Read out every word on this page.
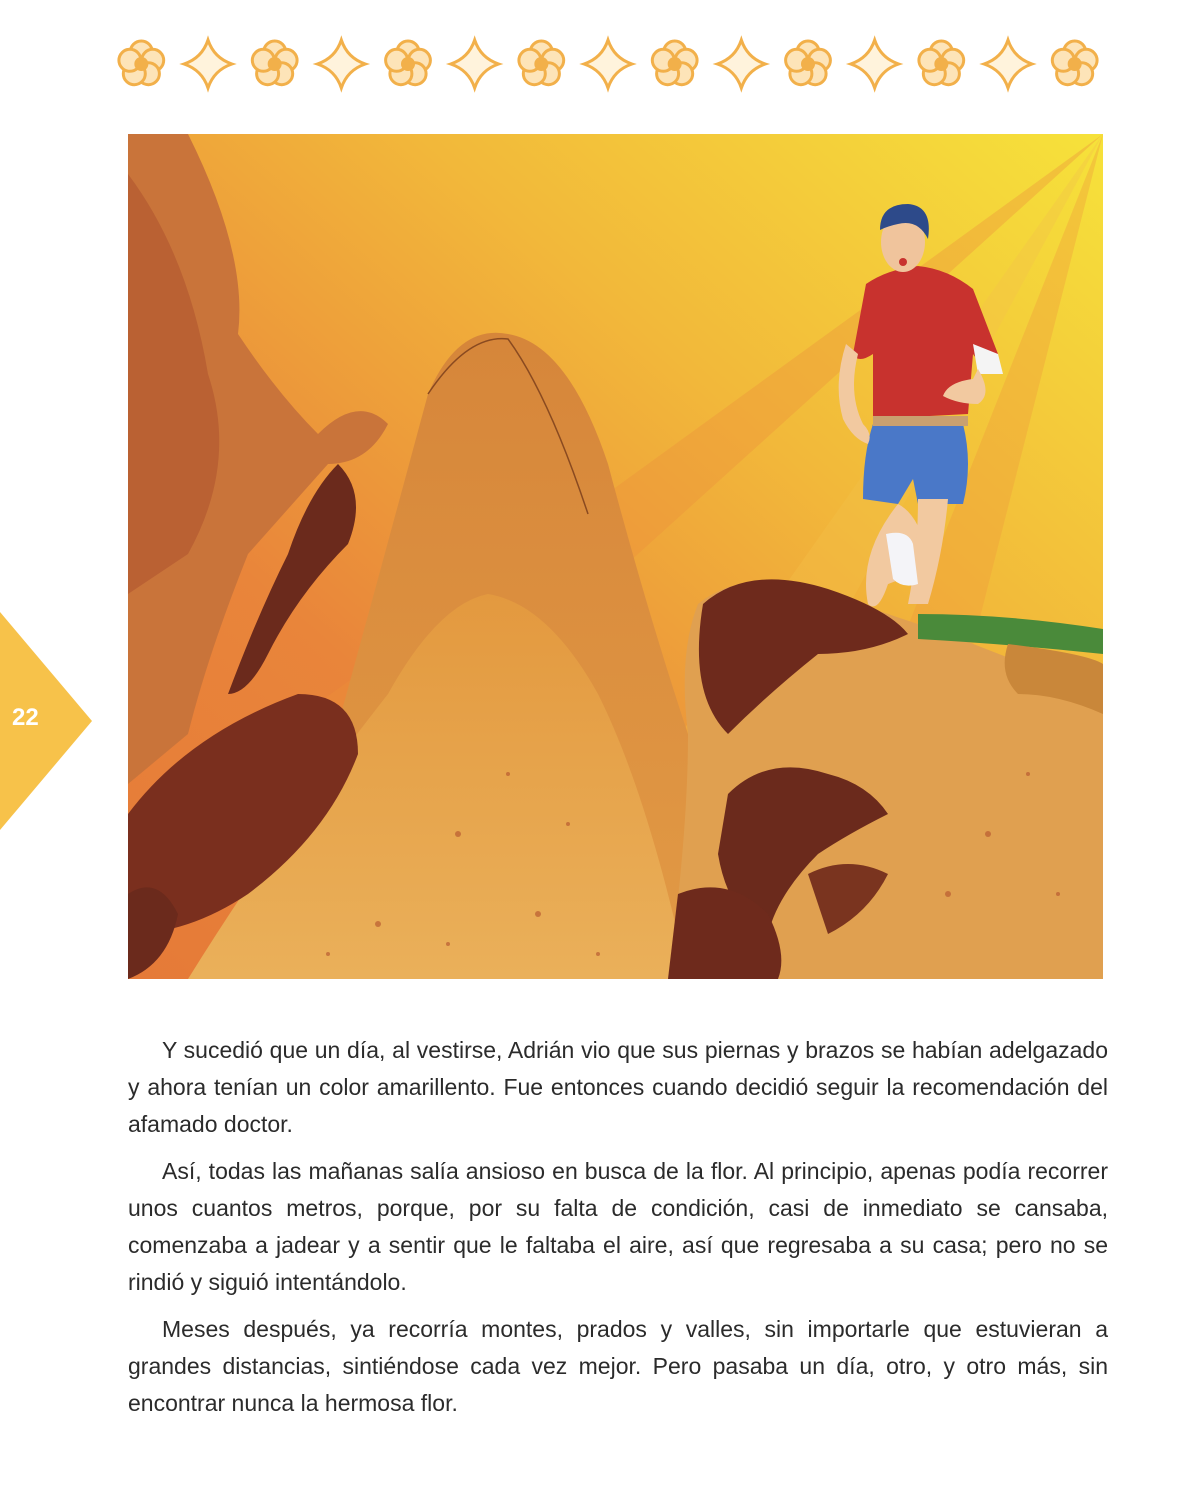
22

Y sucedió que un día, al vestirse, Adrián vio que sus piernas y brazos se habían adelgazado y ahora tenían un color amarillento. Fue entonces cuando decidió seguir la recomendación del afamado doctor.

Así, todas las mañanas salía ansioso en busca de la flor. Al principio, apenas podía recorrer unos cuantos metros, porque, por su falta de condición, casi de inmediato se cansaba, comenzaba a jadear y a sentir que le faltaba el aire, así que regresaba a su casa; pero no se rindió y siguió intentándolo.

Meses después, ya recorría montes, prados y valles, sin importarle que estuvieran a grandes distancias, sintiéndose cada vez mejor. Pero pasaba un día, otro, y otro más, sin encontrar nunca la hermosa flor.
